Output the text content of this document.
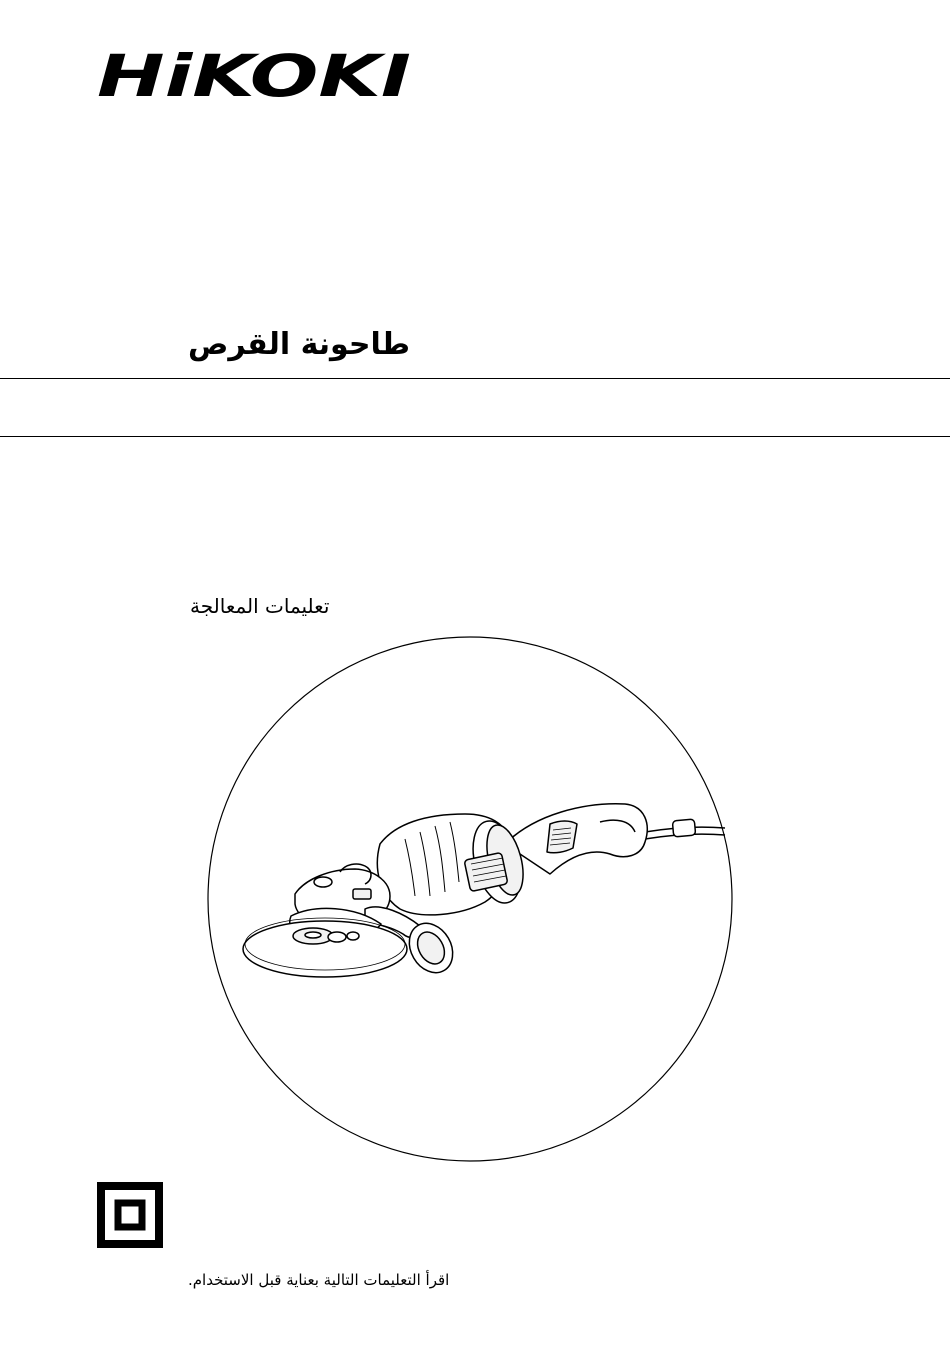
HiKOKI
طاحونة القرص
تعليمات المعالجة
اقرأ التعليمات التالية بعناية قبل الاستخدام.
